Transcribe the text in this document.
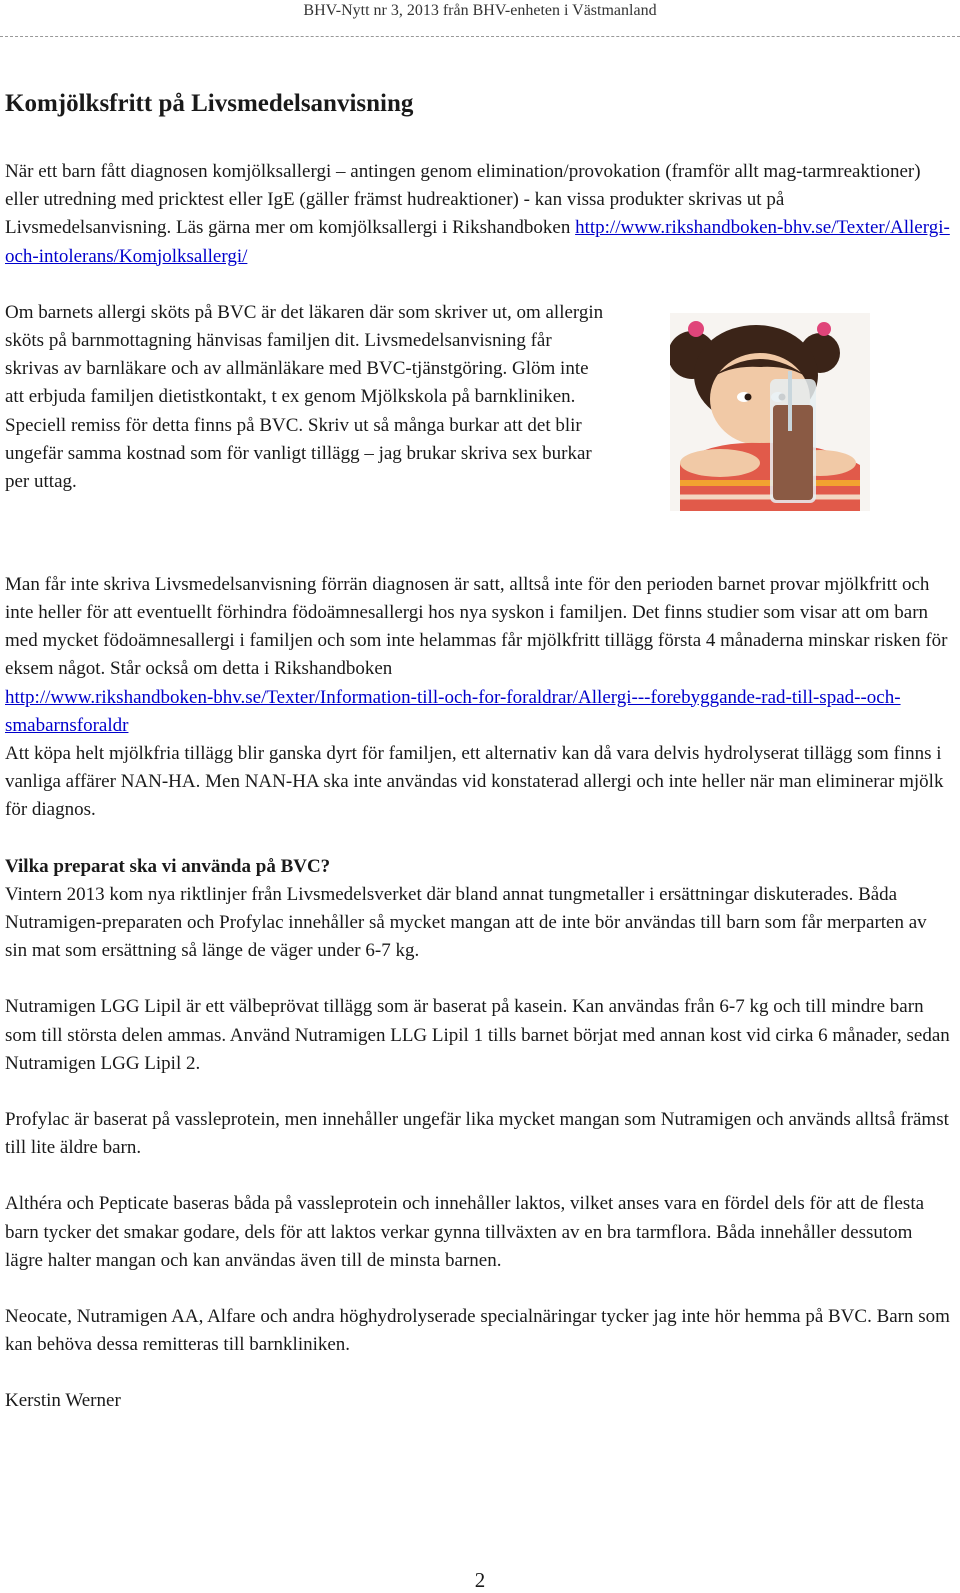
BHV-Nytt nr 3, 2013 från BHV-enheten i Västmanland
Komjölksfritt på Livsmedelsanvisning

När ett barn fått diagnosen komjölksallergi – antingen genom elimination/provokation (framför allt mag-tarmreaktioner) eller utredning med pricktest eller IgE (gäller främst hudreaktioner) - kan vissa produkter skrivas ut på Livsmedelsanvisning. Läs gärna mer om komjölksallergi i Rikshandboken http://www.rikshandboken-bhv.se/Texter/Allergi-och-intolerans/Komjolksallergi/

Om barnets allergi sköts på BVC är det läkaren där som skriver ut, om allergin sköts på barnmottagning hänvisas familjen dit. Livsmedelsanvisning får skrivas av barnläkare och av allmänläkare med BVC-tjänstgöring. Glöm inte att erbjuda familjen dietistkontakt, t ex genom Mjölkskola på barnkliniken. Speciell remiss för detta finns på BVC. Skriv ut så många burkar att det blir ungefär samma kostnad som för vanligt tillägg – jag brukar skriva sex burkar per uttag.

Man får inte skriva Livsmedelsanvisning förrän diagnosen är satt, alltså inte för den perioden barnet provar mjölkfritt och inte heller för att eventuellt förhindra födoämnesallergi hos nya syskon i familjen. Det finns studier som visar att om barn med mycket födoämnesallergi i familjen och som inte helammas får mjölkfritt tillägg första 4 månaderna minskar risken för eksem något. Står också om detta i Rikshandboken
http://www.rikshandboken-bhv.se/Texter/Information-till-och-for-foraldrar/Allergi---forebyggande-rad-till-spad--och-smabarnsforaldr

Att köpa helt mjölkfria tillägg blir ganska dyrt för familjen, ett alternativ kan då vara delvis hydrolyserat tillägg som finns i vanliga affärer NAN-HA. Men NAN-HA ska inte användas vid konstaterad allergi och inte heller när man eliminerar mjölk för diagnos.

Vilka preparat ska vi använda på BVC?

Vintern 2013 kom nya riktlinjer från Livsmedelsverket där bland annat tungmetaller i ersättningar diskuterades. Båda Nutramigen-preparaten och Profylac innehåller så mycket mangan att de inte bör användas till barn som får merparten av sin mat som ersättning så länge de väger under 6-7 kg.

Nutramigen LGG Lipil är ett välbeprövat tillägg som är baserat på kasein. Kan användas från 6-7 kg och till mindre barn som till största delen ammas. Använd Nutramigen LLG Lipil 1 tills barnet börjat med annan kost vid cirka 6 månader, sedan Nutramigen LGG Lipil 2.

Profylac är baserat på vassleprotein, men innehåller ungefär lika mycket mangan som Nutramigen och används alltså främst till lite äldre barn.

Althéra och Pepticate baseras båda på vassleprotein och innehåller laktos, vilket anses vara en fördel dels för att de flesta barn tycker det smakar godare, dels för att laktos verkar gynna tillväxten av en bra tarmflora. Båda innehåller dessutom lägre halter mangan och kan användas även till de minsta barnen.

Neocate, Nutramigen AA, Alfare och andra höghydrolyserade specialnäringar tycker jag inte hör hemma på BVC. Barn som kan behöva dessa remitteras till barnkliniken.

Kerstin Werner

2
